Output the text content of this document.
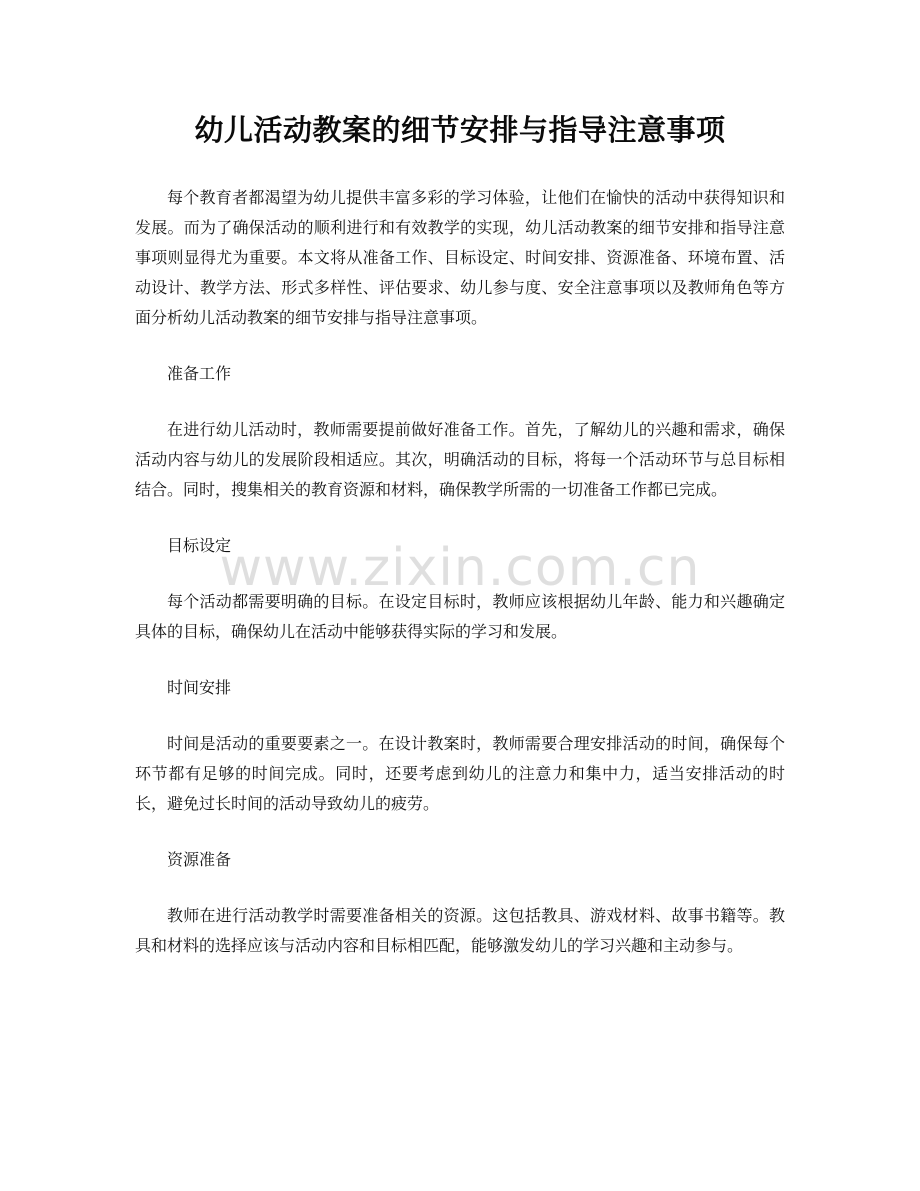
幼儿活动教案的细节安排与指导注意事项

每个教育者都渴望为幼儿提供丰富多彩的学习体验，让他们在愉快的活动中获得知识和发展。而为了确保活动的顺利进行和有效教学的实现，幼儿活动教案的细节安排和指导注意事项则显得尤为重要。本文将从准备工作、目标设定、时间安排、资源准备、环境布置、活动设计、教学方法、形式多样性、评估要求、幼儿参与度、安全注意事项以及教师角色等方面分析幼儿活动教案的细节安排与指导注意事项。

准备工作

在进行幼儿活动时，教师需要提前做好准备工作。首先，了解幼儿的兴趣和需求，确保活动内容与幼儿的发展阶段相适应。其次，明确活动的目标，将每一个活动环节与总目标相结合。同时，搜集相关的教育资源和材料，确保教学所需的一切准备工作都已完成。

目标设定

每个活动都需要明确的目标。在设定目标时，教师应该根据幼儿年龄、能力和兴趣确定具体的目标，确保幼儿在活动中能够获得实际的学习和发展。

时间安排

时间是活动的重要要素之一。在设计教案时，教师需要合理安排活动的时间，确保每个环节都有足够的时间完成。同时，还要考虑到幼儿的注意力和集中力，适当安排活动的时长，避免过长时间的活动导致幼儿的疲劳。

资源准备

教师在进行活动教学时需要准备相关的资源。这包括教具、游戏材料、故事书籍等。教具和材料的选择应该与活动内容和目标相匹配，能够激发幼儿的学习兴趣和主动参与。

www.zixin.com.cn
